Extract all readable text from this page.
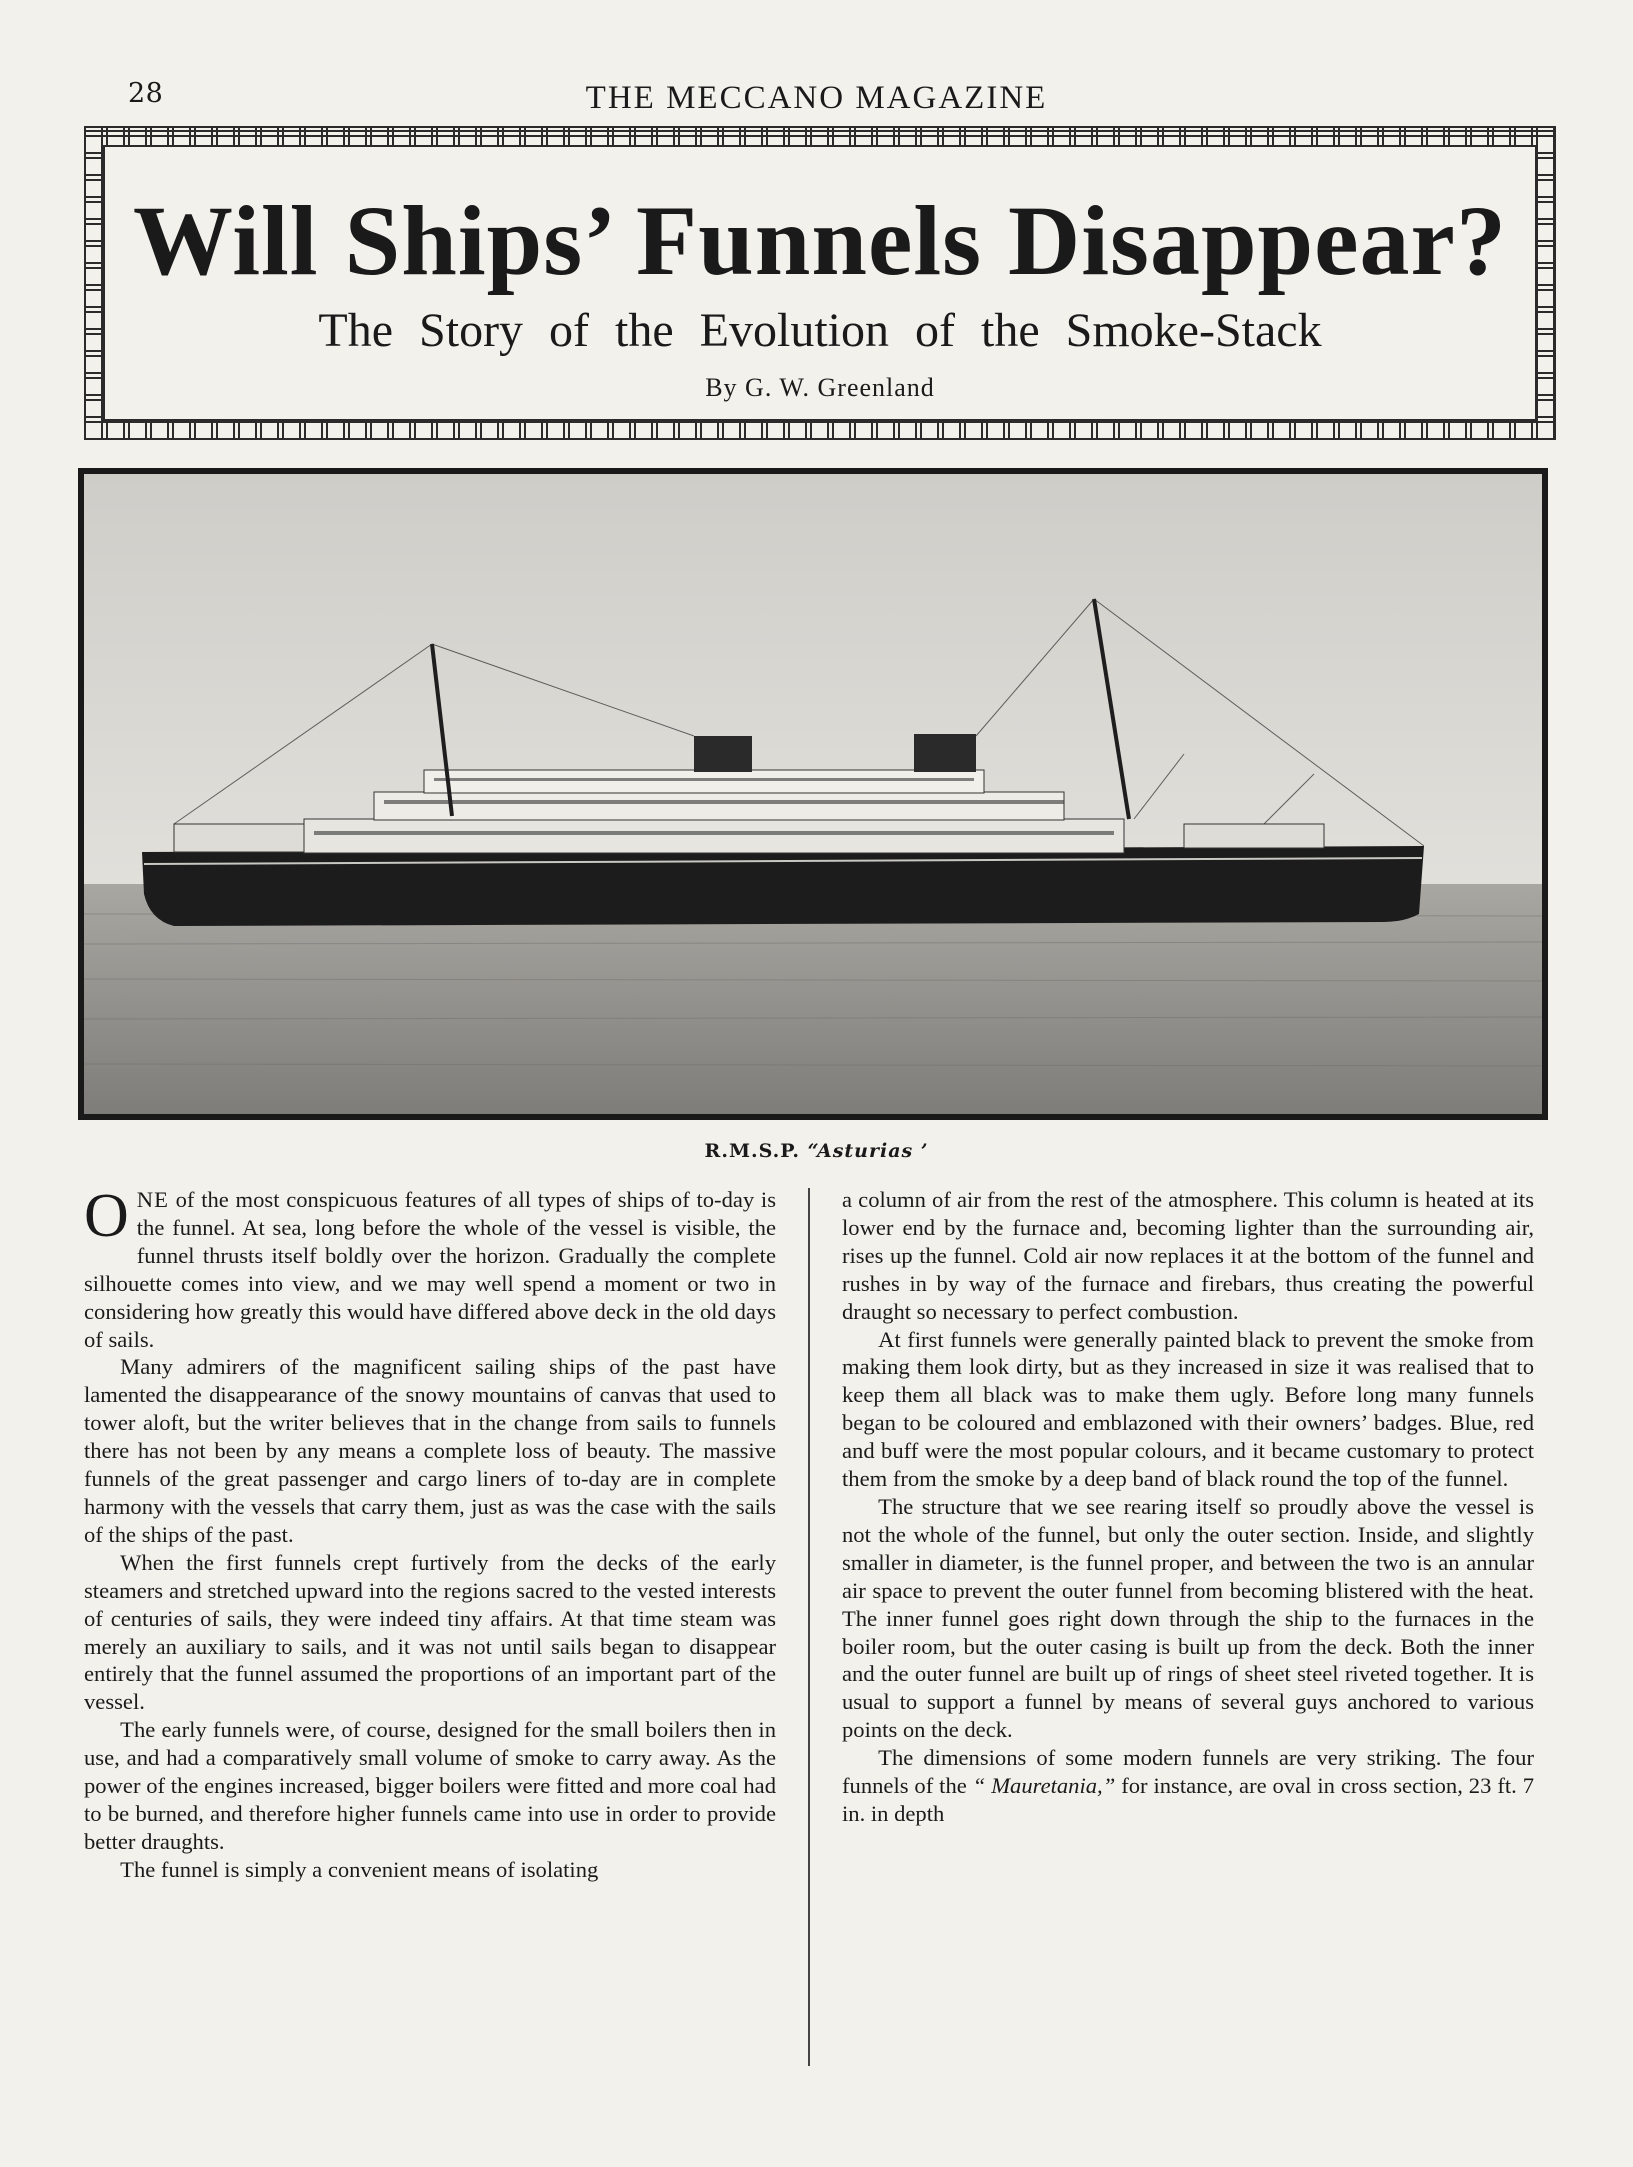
28	THE MECCANO MAGAZINE
Will Ships’ Funnels Disappear?
The Story of the Evolution of the Smoke-Stack
By G. W. Greenland
R.M.S.P. “Asturias ’

ONE of the most conspicuous features of all types of ships of to-day is the funnel. At sea, long before the whole of the vessel is visible, the funnel thrusts itself boldly over the horizon. Gradually the complete silhouette comes into view, and we may well spend a moment or two in considering how greatly this would have differed above deck in the old days of sails.

Many admirers of the magnificent sailing ships of the past have lamented the disappearance of the snowy mountains of canvas that used to tower aloft, but the writer believes that in the change from sails to funnels there has not been by any means a complete loss of beauty. The massive funnels of the great passenger and cargo liners of to-day are in complete harmony with the vessels that carry them, just as was the case with the sails of the ships of the past.

When the first funnels crept furtively from the decks of the early steamers and stretched upward into the regions sacred to the vested interests of centuries of sails, they were indeed tiny affairs. At that time steam was merely an auxiliary to sails, and it was not until sails began to disappear entirely that the funnel assumed the proportions of an important part of the vessel.

The early funnels were, of course, designed for the small boilers then in use, and had a comparatively small volume of smoke to carry away. As the power of the engines increased, bigger boilers were fitted and more coal had to be burned, and therefore higher funnels came into use in order to provide better draughts.

The funnel is simply a convenient means of isolating

a column of air from the rest of the atmosphere. This column is heated at its lower end by the furnace and, becoming lighter than the surrounding air, rises up the funnel. Cold air now replaces it at the bottom of the funnel and rushes in by way of the furnace and firebars, thus creating the powerful draught so necessary to perfect combustion.

At first funnels were generally painted black to prevent the smoke from making them look dirty, but as they increased in size it was realised that to keep them all black was to make them ugly. Before long many funnels began to be coloured and emblazoned with their owners’ badges. Blue, red and buff were the most popular colours, and it became customary to protect them from the smoke by a deep band of black round the top of the funnel.

The structure that we see rearing itself so proudly above the vessel is not the whole of the funnel, but only the outer section. Inside, and slightly smaller in diameter, is the funnel proper, and between the two is an annular air space to prevent the outer funnel from becoming blistered with the heat. The inner funnel goes right down through the ship to the furnaces in the boiler room, but the outer casing is built up from the deck. Both the inner and the outer funnel are built up of rings of sheet steel riveted together. It is usual to support a funnel by means of several guys anchored to various points on the deck.

The dimensions of some modern funnels are very striking. The four funnels of the “ Mauretania,” for instance, are oval in cross section, 23 ft. 7 in. in depth
